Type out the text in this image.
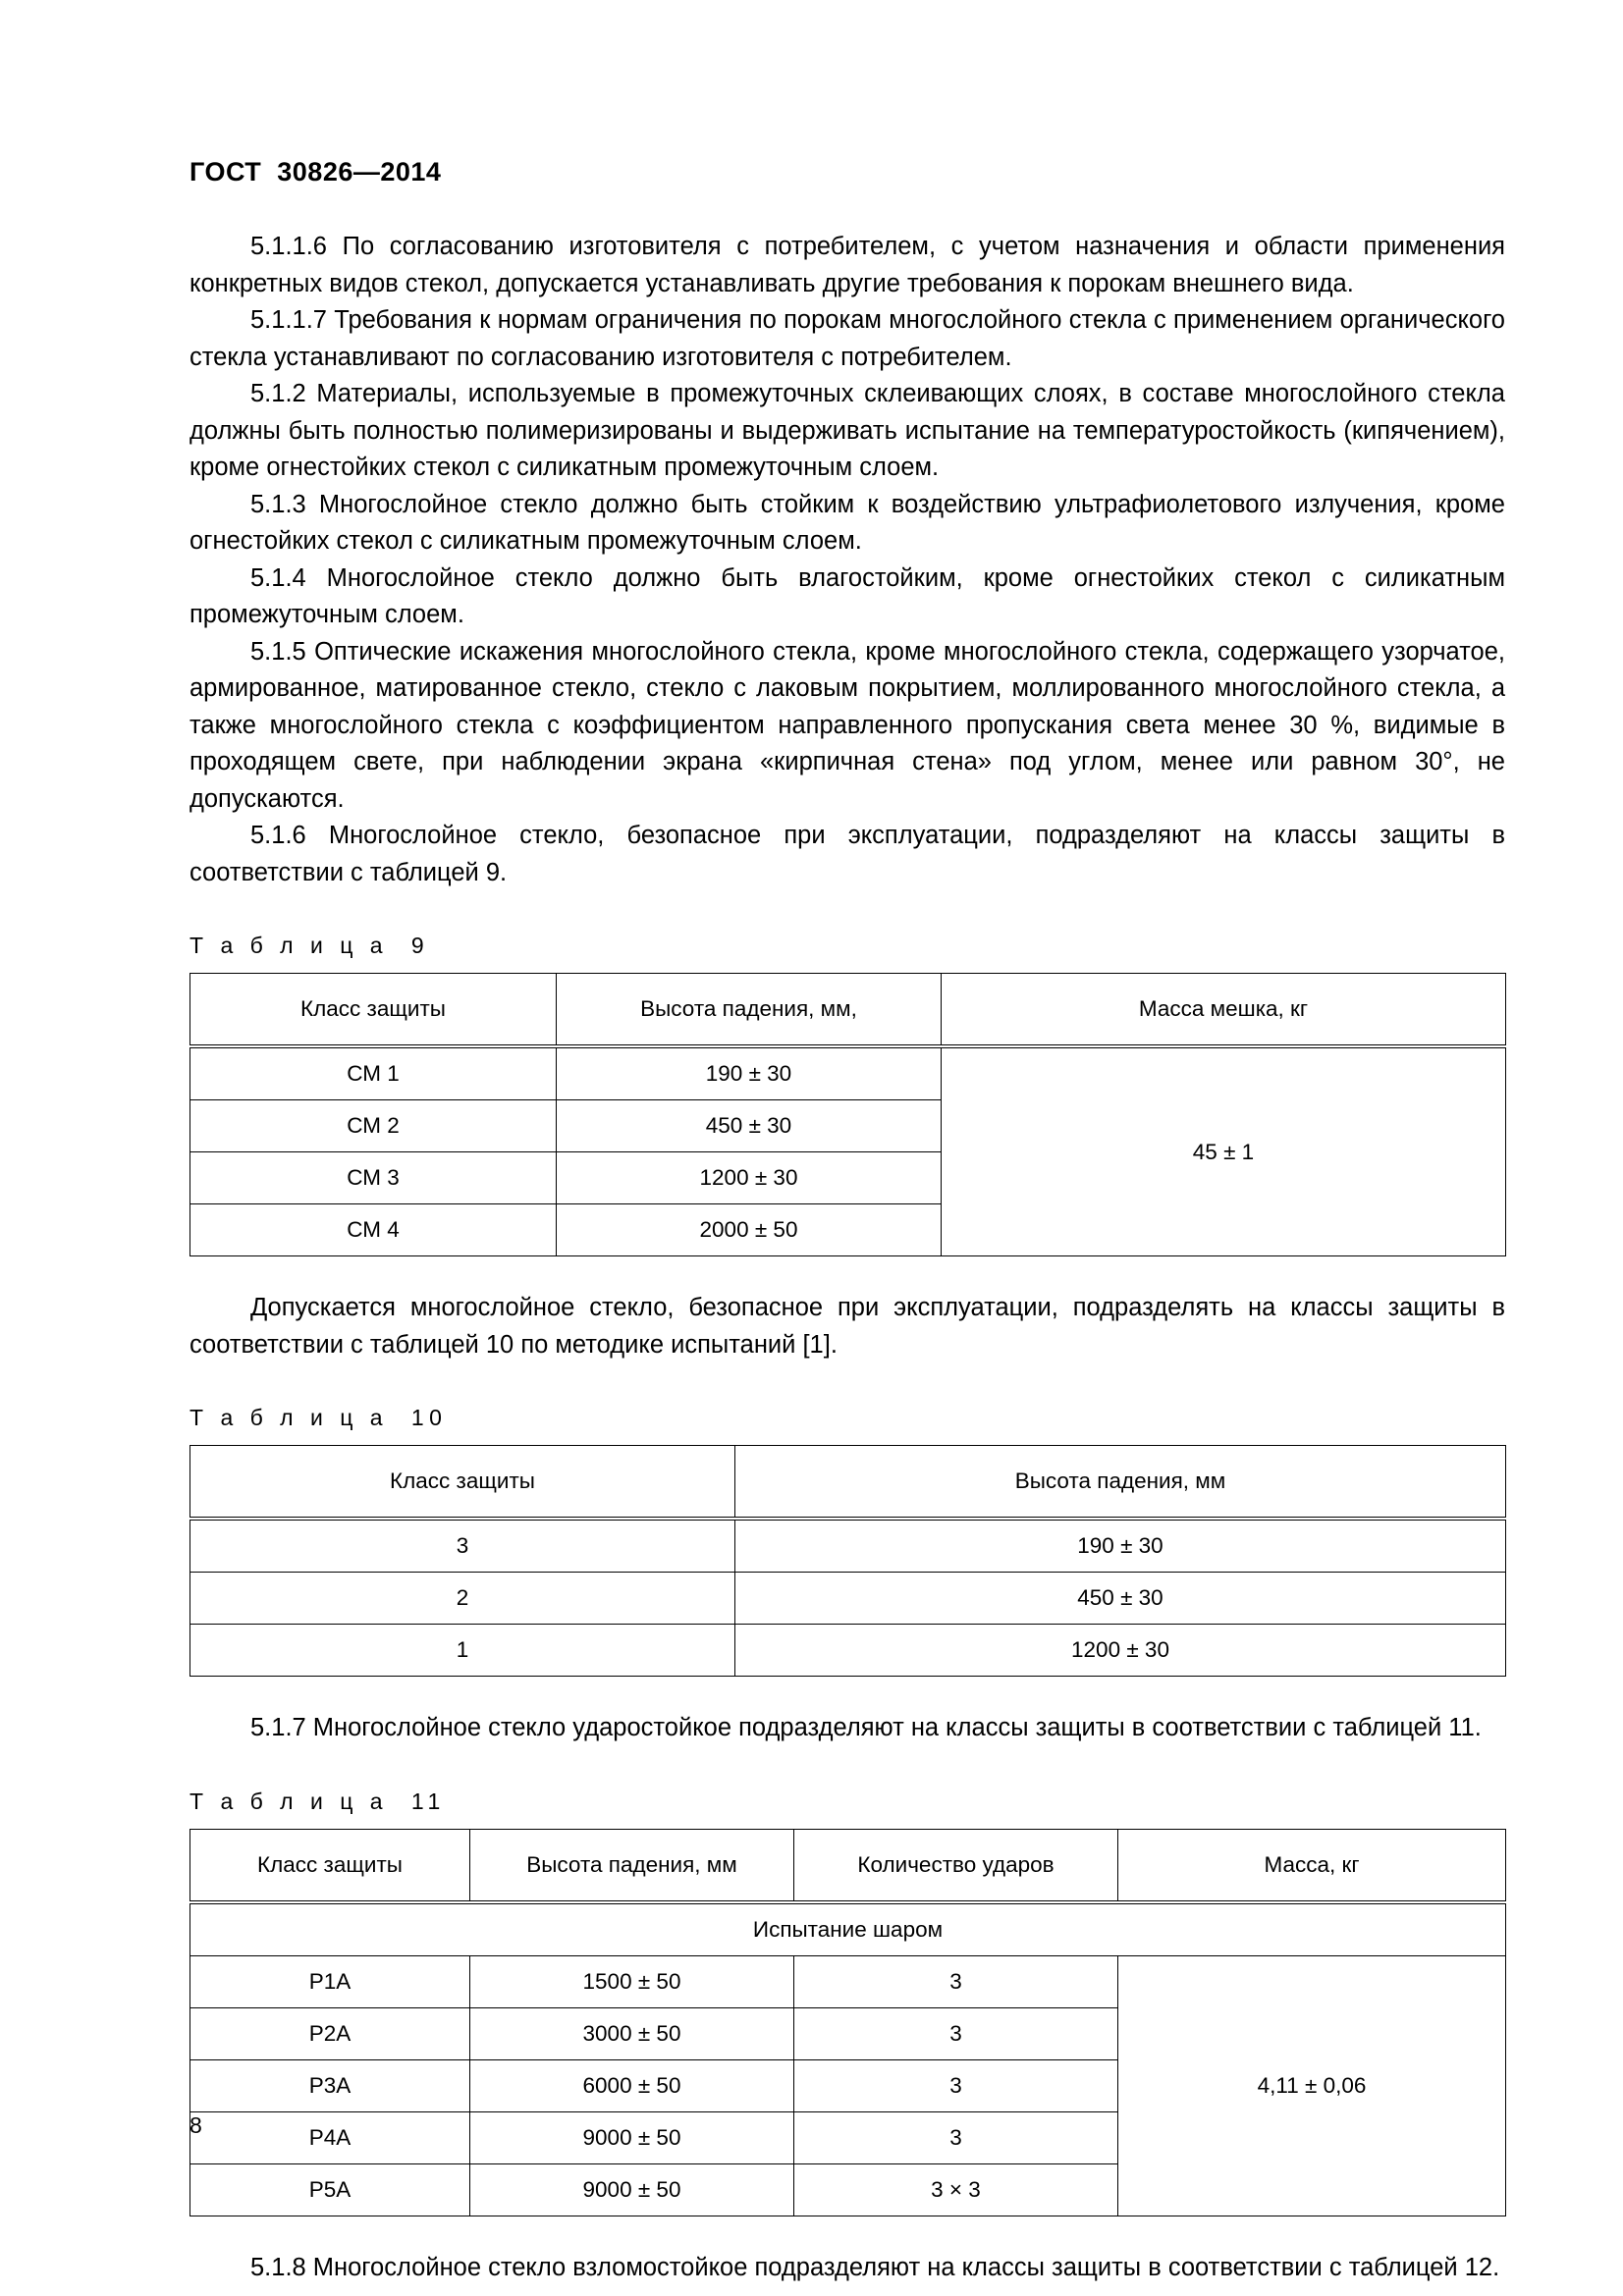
ГОСТ  30826—2014

5.1.1.6 По согласованию изготовителя с потребителем, с учетом назначения и области применения конкретных видов стекол, допускается устанавливать другие требования к порокам внешнего вида.

5.1.1.7 Требования к нормам ограничения по порокам многослойного стекла с применением органического стекла устанавливают по согласованию изготовителя с потребителем.

5.1.2 Материалы, используемые в промежуточных склеивающих слоях, в составе многослойного стекла должны быть полностью полимеризированы и выдерживать испытание на температуростойкость (кипячением), кроме огнестойких стекол с силикатным промежуточным слоем.

5.1.3 Многослойное стекло должно быть стойким к воздействию ультрафиолетового излучения, кроме огнестойких стекол с силикатным промежуточным слоем.

5.1.4 Многослойное стекло должно быть влагостойким, кроме огнестойких стекол с силикатным промежуточным слоем.

5.1.5 Оптические искажения многослойного стекла, кроме многослойного стекла, содержащего узорчатое, армированное, матированное стекло, стекло с лаковым покрытием, моллированного многослойного стекла, а также многослойного стекла с коэффициентом направленного пропускания света менее 30 %, видимые в проходящем свете, при наблюдении экрана «кирпичная стена» под углом, менее или равном 30°, не допускаются.

5.1.6 Многослойное стекло, безопасное при эксплуатации, подразделяют на классы защиты в соответствии с таблицей 9.

Т а б л и ц а  9
Класс защиты	Высота падения, мм,	Масса мешка, кг
СМ 1	190 ± 30	45 ± 1
СМ 2	450 ± 30	
СМ 3	1200 ± 30	
СМ 4	2000 ± 50	

Допускается многослойное стекло, безопасное при эксплуатации, подразделять на классы защиты в соответствии с таблицей 10 по методике испытаний [1].

Т а б л и ц а  10
Класс защиты	Высота падения, мм
3	190 ± 30
2	450 ± 30
1	1200 ± 30

5.1.7 Многослойное стекло ударостойкое подразделяют на классы защиты в соответствии с таблицей 11.

Т а б л и ц а  11
Класс защиты	Высота падения, мм	Количество ударов	Масса, кг
Испытание шаром			
Р1А	1500 ± 50	3	4,11 ± 0,06
Р2А	3000 ± 50	3	
Р3А	6000 ± 50	3	
Р4А	9000 ± 50	3	
Р5А	9000 ± 50	3 × 3	

5.1.8 Многослойное стекло взломостойкое подразделяют на классы защиты в соответствии с таблицей 12.

8
